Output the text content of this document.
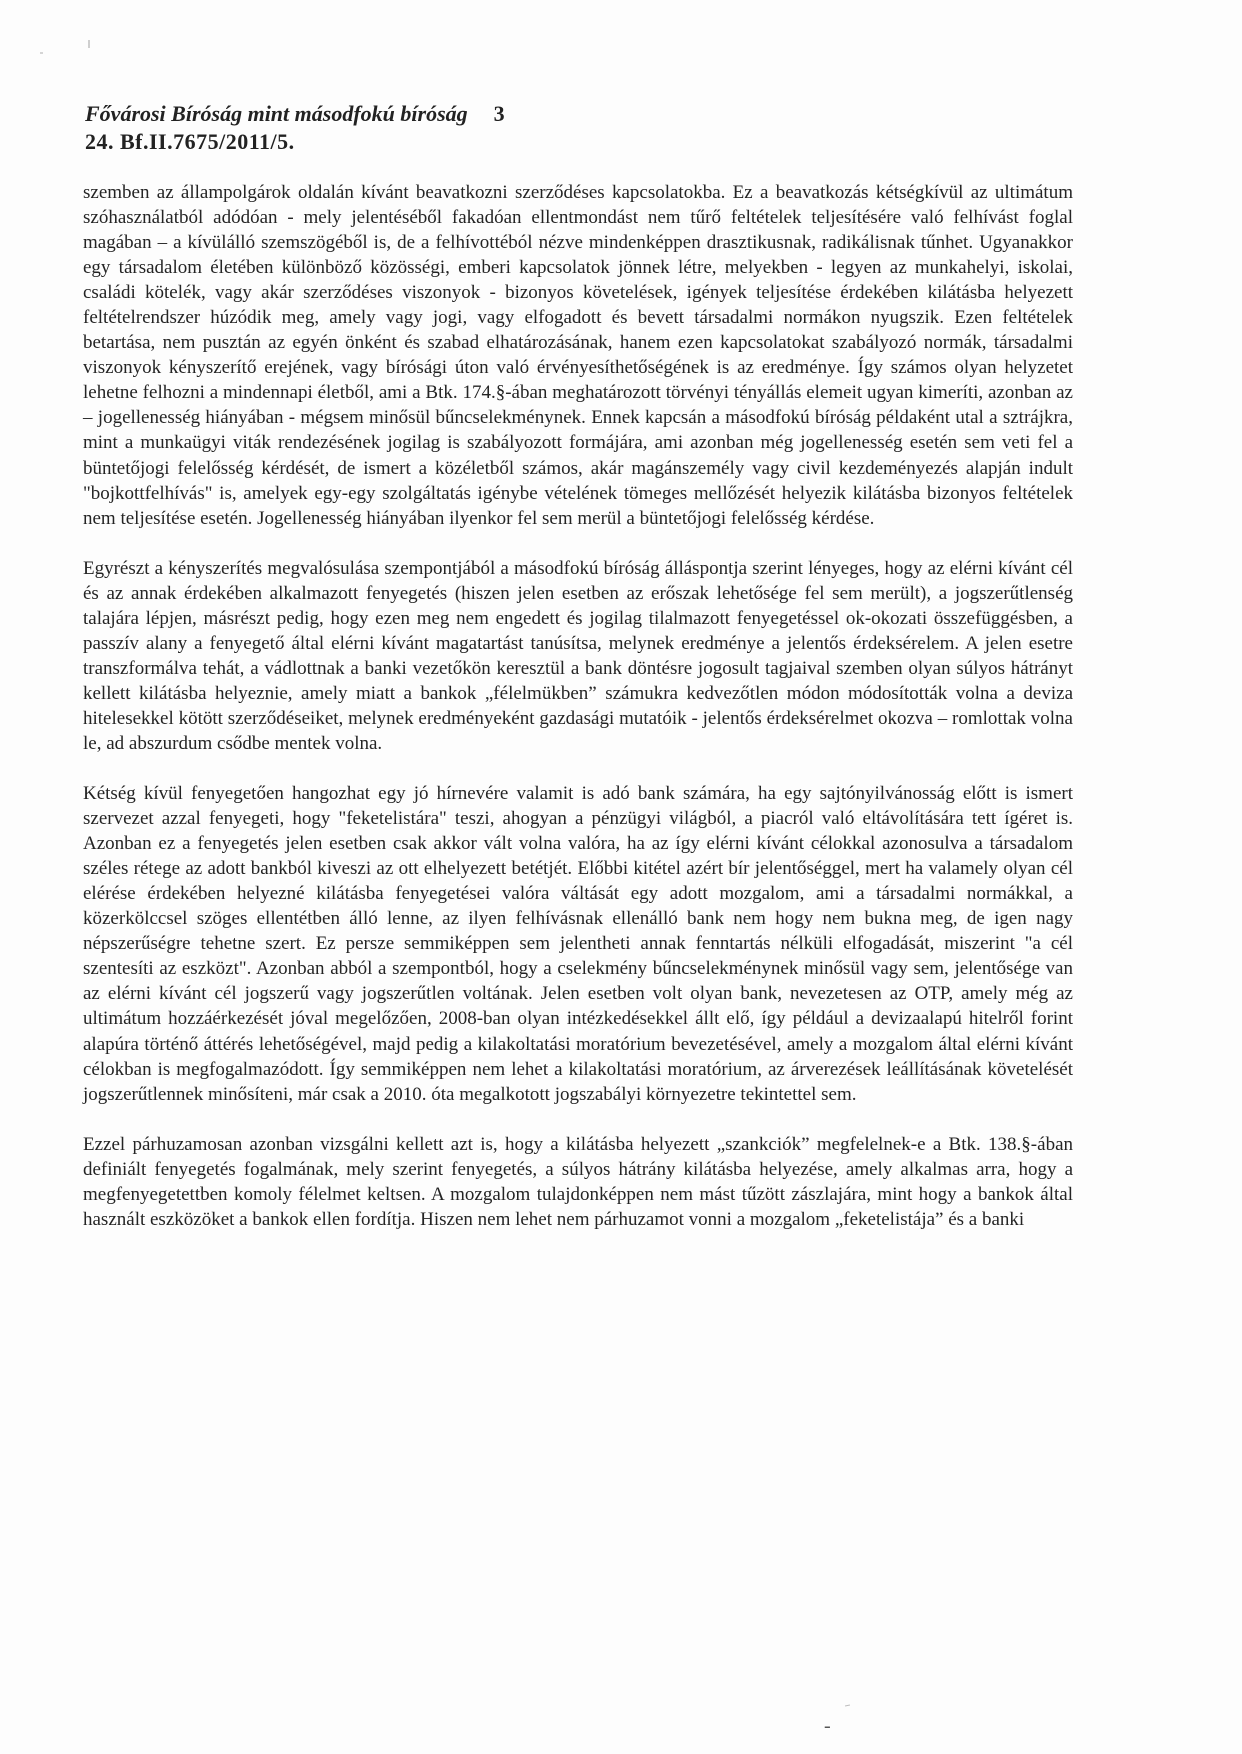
Fővárosi Bíróság mint másodfokú bíróság 3
24. Bf.II.7675/2011/5.

szemben az állampolgárok oldalán kívánt beavatkozni szerződéses kapcsolatokba. Ez a beavatkozás kétségkívül az ultimátum szóhasználatból adódóan - mely jelentéséből fakadóan ellentmondást nem tűrő feltételek teljesítésére való felhívást foglal magában – a kívülálló szemszögéből is, de a felhívottéból nézve mindenképpen drasztikusnak, radikálisnak tűnhet. Ugyanakkor egy társadalom életében különböző közösségi, emberi kapcsolatok jönnek létre, melyekben - legyen az munkahelyi, iskolai, családi kötelék, vagy akár szerződéses viszonyok - bizonyos követelések, igények teljesítése érdekében kilátásba helyezett feltételrendszer húzódik meg, amely vagy jogi, vagy elfogadott és bevett társadalmi normákon nyugszik. Ezen feltételek betartása, nem pusztán az egyén önként és szabad elhatározásának, hanem ezen kapcsolatokat szabályozó normák, társadalmi viszonyok kényszerítő erejének, vagy bírósági úton való érvényesíthetőségének is az eredménye. Így számos olyan helyzetet lehetne felhozni a mindennapi életből, ami a Btk. 174.§-ában meghatározott törvényi tényállás elemeit ugyan kimeríti, azonban az – jogellenesség hiányában - mégsem minősül bűncselekménynek. Ennek kapcsán a másodfokú bíróság példaként utal a sztrájkra, mint a munkaügyi viták rendezésének jogilag is szabályozott formájára, ami azonban még jogellenesség esetén sem veti fel a büntetőjogi felelősség kérdését, de ismert a közéletből számos, akár magánszemély vagy civil kezdeményezés alapján indult "bojkottfelhívás" is, amelyek egy-egy szolgáltatás igénybe vételének tömeges mellőzését helyezik kilátásba bizonyos feltételek nem teljesítése esetén. Jogellenesség hiányában ilyenkor fel sem merül a büntetőjogi felelősség kérdése.

Egyrészt a kényszerítés megvalósulása szempontjából a másodfokú bíróság álláspontja szerint lényeges, hogy az elérni kívánt cél és az annak érdekében alkalmazott fenyegetés (hiszen jelen esetben az erőszak lehetősége fel sem merült), a jogszerűtlenség talajára lépjen, másrészt pedig, hogy ezen meg nem engedett és jogilag tilalmazott fenyegetéssel ok-okozati összefüggésben, a passzív alany a fenyegető által elérni kívánt magatartást tanúsítsa, melynek eredménye a jelentős érdeksérelem. A jelen esetre transzformálva tehát, a vádlottnak a banki vezetőkön keresztül a bank döntésre jogosult tagjaival szemben olyan súlyos hátrányt kellett kilátásba helyeznie, amely miatt a bankok „félelmükben” számukra kedvezőtlen módon módosították volna a deviza hitelesekkel kötött szerződéseiket, melynek eredményeként gazdasági mutatóik - jelentős érdeksérelmet okozva – romlottak volna le, ad abszurdum csődbe mentek volna.

Kétség kívül fenyegetően hangozhat egy jó hírnevére valamit is adó bank számára, ha egy sajtónyilvánosság előtt is ismert szervezet azzal fenyegeti, hogy "feketelistára" teszi, ahogyan a pénzügyi világból, a piacról való eltávolítására tett ígéret is. Azonban ez a fenyegetés jelen esetben csak akkor vált volna valóra, ha az így elérni kívánt célokkal azonosulva a társadalom széles rétege az adott bankból kiveszi az ott elhelyezett betétjét. Előbbi kitétel azért bír jelentőséggel, mert ha valamely olyan cél elérése érdekében helyezné kilátásba fenyegetései valóra váltását egy adott mozgalom, ami a társadalmi normákkal, a közerkölccsel szöges ellentétben álló lenne, az ilyen felhívásnak ellenálló bank nem hogy nem bukna meg, de igen nagy népszerűségre tehetne szert. Ez persze semmiképpen sem jelentheti annak fenntartás nélküli elfogadását, miszerint "a cél szentesíti az eszközt". Azonban abból a szempontból, hogy a cselekmény bűncselekménynek minősül vagy sem, jelentősége van az elérni kívánt cél jogszerű vagy jogszerűtlen voltának. Jelen esetben volt olyan bank, nevezetesen az OTP, amely még az ultimátum hozzáérkezését jóval megelőzően, 2008-ban olyan intézkedésekkel állt elő, így például a devizaalapú hitelről forint alapúra történő áttérés lehetőségével, majd pedig a kilakoltatási moratórium bevezetésével, amely a mozgalom által elérni kívánt célokban is megfogalmazódott. Így semmiképpen nem lehet a kilakoltatási moratórium, az árverezések leállításának követelését jogszerűtlennek minősíteni, már csak a 2010. óta megalkotott jogszabályi környezetre tekintettel sem.

Ezzel párhuzamosan azonban vizsgálni kellett azt is, hogy a kilátásba helyezett „szankciók” megfelelnek-e a Btk. 138.§-ában definiált fenyegetés fogalmának, mely szerint fenyegetés, a súlyos hátrány kilátásba helyezése, amely alkalmas arra, hogy a megfenyegetettben komoly félelmet keltsen. A mozgalom tulajdonképpen nem mást tűzött zászlajára, mint hogy a bankok által használt eszközöket a bankok ellen fordítja. Hiszen nem lehet nem párhuzamot vonni a mozgalom „feketelistája” és a banki

-
